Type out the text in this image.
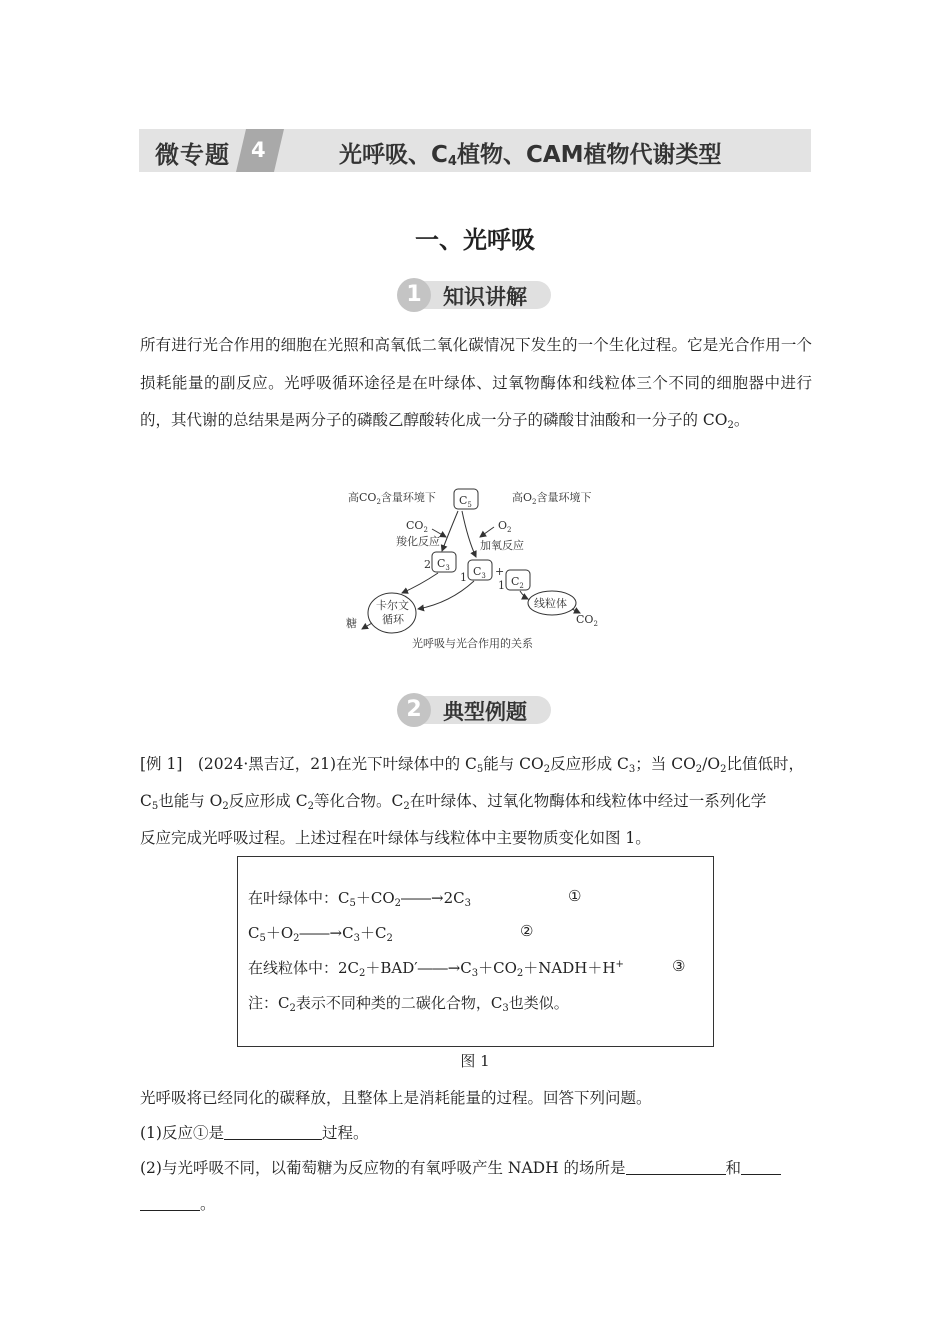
微专题 4	光呼吸、$C_4$植物、CAM植物代谢类型
一、光呼吸
1	知识讲解
所有进行光合作用的细胞在光照和高氧低二氧化碳情况下发生的一个生化过程。它是光合作用一个损耗能量的副反应。光呼吸循环途径是在叶绿体、过氧物酶体和线粒体三个不同的细胞器中进行的，其代谢的总结果是两分子的磷酸乙醇酸转化成一分子的磷酸甘油酸和一分子的 $CO_2$。
高$CO_2$含量环境下	高$O_2$含量环境下
$C_5$
$CO_2$
羧化反应
$O_2$
加氧反应
2 $C_3$
1 $C_3$ +
1 $C_2$
卡尔文
循环
糖
线粒体
$CO_2$
光呼吸与光合作用的关系
2	典型例题
[例 1]　(2024·黑吉辽，21)在光下叶绿体中的 $C_5$能与 $CO_2$反应形成 $C_3$；当 $CO_2/O_2$比值低时，
$C_5$也能与 $O_2$反应形成 $C_2$等化合物。$C_2$在叶绿体、过氧化物酶体和线粒体中经过一系列化学
反应完成光呼吸过程。上述过程在叶绿体与线粒体中主要物质变化如图 1。
在叶绿体中：$C_5+CO_2――\to 2C_3$	①
$C_5+O_2――\to C_3+C_2$	②
在线粒体中：$2C_2+BAD'――\to C_3+CO_2+NADH+H^+$	③
注：$C_2$表示不同种类的二碳化合物，$C_3$也类似。
图 1
光呼吸将已经同化的碳释放，且整体上是消耗能量的过程。回答下列问题。
(1)反应①是	过程。
(2)与光呼吸不同，以葡萄糖为反应物的有氧呼吸产生 NADH 的场所是	和
。
